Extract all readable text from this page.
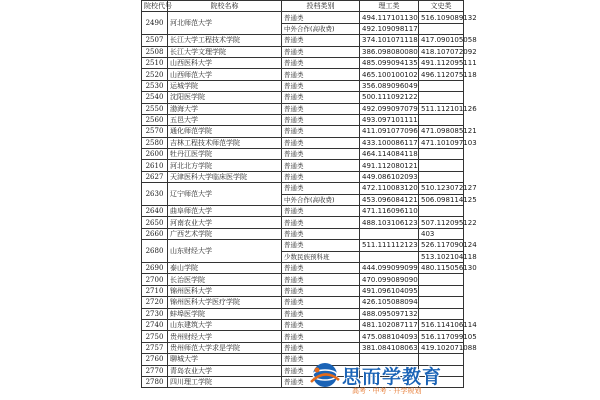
院校代号	院校名称	投档类别	理工类	文史类
2490	河北师范大学	普通类	494.117101130	516.109089132
		中外合作(高收费)	492.109098117	
2507	长江大学工程技术学院	普通类	374.101071118	417.090105058
2508	长江大学文理学院	普通类	386.098080080	418.107072092
2510	山西医科大学	普通类	485.099094135	491.112095111
2520	山西师范大学	普通类	465.100100102	496.112075118
2530	运城学院	普通类	356.089096049	
2540	沈阳医学院	普通类	500.111092122	
2550	渤海大学	普通类	492.099097079	511.112101126
2560	五邑大学	普通类	493.097101111	
2570	通化师范学院	普通类	411.091077096	471.098085121
2580	吉林工程技术师范学院	普通类	433.100086117	471.101097103
2600	牡丹江医学院	普通类	464.114084118	
2610	河北北方学院	普通类	491.112080121	
2627	天津医科大学临床医学院	普通类	449.086102093	
2630	辽宁师范大学	普通类	472.110083120	510.123072127
		中外合作(高收费)	453.096084121	506.098114125
2640	曲阜师范大学	普通类	471.116096110	
2650	河南农业大学	普通类	488.103106123	507.112095122
2660	广西艺术学院	普通类		403
2680	山东财经大学	普通类	511.111112123	526.117090124
		少数民族预科班		513.102104118
2690	泰山学院	普通类	444.099099099	480.115056130
2700	长治医学院	普通类	470.099089090	
2710	锦州医科大学	普通类	491.096104095	
2720	锦州医科大学医疗学院	普通类	426.105088094	
2730	蚌埠医学院	普通类	488.095097132	
2740	山东建筑大学	普通类	481.102087117	516.114106114
2750	贵州财经大学	普通类	475.088104093	516.117099105
2757	贵州师范大学求是学院	普通类	381.084108063	419.102071088
2760	聊城大学	普通类		
2770	青岛农业大学	普通类		
2780	四川理工学院	普通类		思而学教育
高考 · 中考 · 升学规划
